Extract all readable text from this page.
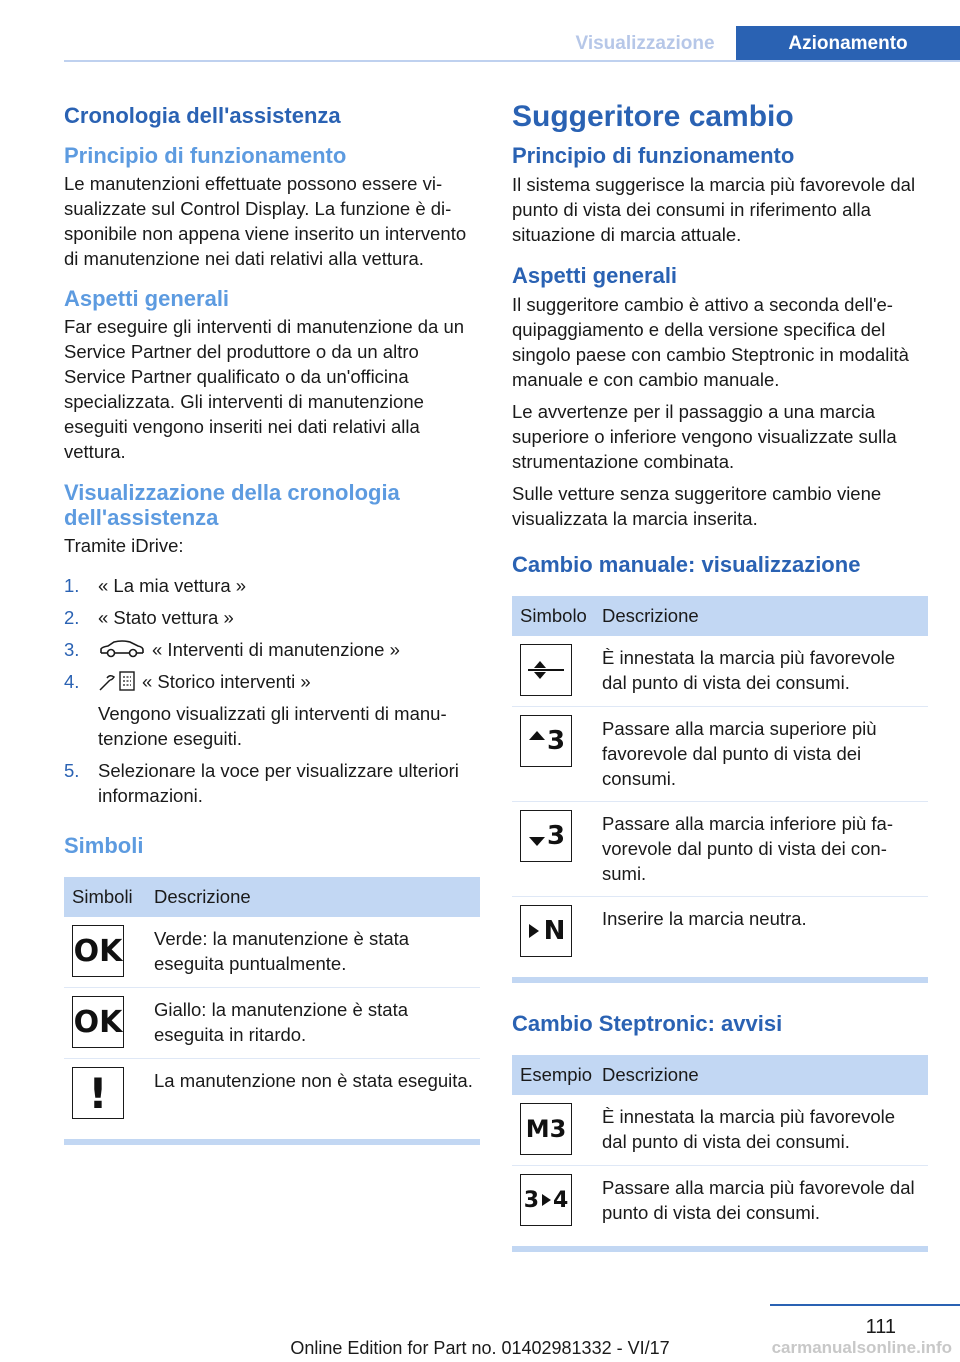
Visualizzazione	Azionamento
Cronologia dell'assistenza
Principio di funzionamento

Le manutenzioni effettuate possono essere visualizzate sul Control Display. La funzione è disponibile non appena viene inserito un intervento di manutenzione nei dati relativi alla vettura.

Aspetti generali

Far eseguire gli interventi di manutenzione da un Service Partner del produttore o da un altro Service Partner qualificato o da un'officina specializzata. Gli interventi di manutenzione eseguiti vengono inseriti nei dati relativi alla vettura.

Visualizzazione della cronologia dell'assistenza

Tramite iDrive:

1. « La mia vettura »
2. « Stato vettura »
3.	« Interventi di manutenzione »
4.	« Storico interventi »
Vengono visualizzati gli interventi di manutenzione eseguiti.
5. Selezionare la voce per visualizzare ulteriori informazioni.
Simboli
Simboli	Descrizione

OK	Verde: la manutenzione è stata eseguita puntualmente.

OK	Giallo: la manutenzione è stata eseguita in ritardo.

!	La manutenzione non è stata eseguita.
Suggeritore cambio
Principio di funzionamento

Il sistema suggerisce la marcia più favorevole dal punto di vista dei consumi in riferimento alla situazione di marcia attuale.

Aspetti generali

Il suggeritore cambio è attivo a seconda dell'equipaggiamento e della versione specifica del singolo paese con cambio Steptronic in modalità manuale e con cambio manuale.

Le avvertenze per il passaggio a una marcia superiore o inferiore vengono visualizzate sulla strumentazione combinata.

Sulle vetture senza suggeritore cambio viene visualizzata la marcia inserita.

Cambio manuale: visualizzazione
Simbolo	Descrizione

	È innestata la marcia più favorevole dal punto di vista dei consumi.

3	Passare alla marcia superiore più favorevole dal punto di vista dei consumi.

3	Passare alla marcia inferiore più favorevole dal punto di vista dei consumi.

N	Inserire la marcia neutra.
Cambio Steptronic: avvisi
Esempio	Descrizione

M3	È innestata la marcia più favorevole dal punto di vista dei consumi.

3 4	Passare alla marcia più favorevole dal punto di vista dei consumi.
111
Online Edition for Part no. 01402981332 - VI/17	carmanualsonline.info
